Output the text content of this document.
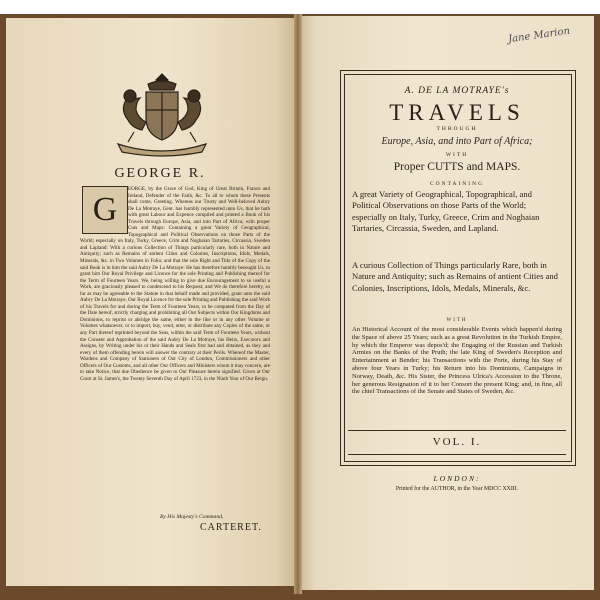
GEORGE R.

G

EORGE, by the Grace of God, King of Great Britain, France and Ireland, Defender of the Faith, &c. To all to whom these Presents shall come, Greeting. Whereas our Trusty and Well-beloved Aubry De La Motraye, Gent. has humbly represented unto Us, that he hath with great Labour and Expence compiled and printed a Book of his Travels through Europe, Asia, and into Part of Africa; with proper Cuts and Maps: Containing a great Variety of Geographical, Topographical and Political Observations on those Parts of the World; especially on Italy, Turky, Greece, Crim and Noghaian Tartaries, Circassia, Sweden and Lapland: With a curious Collection of Things particularly rare, both in Nature and Antiquity; such as Remains of antient Cities and Colonies, Inscriptions, Idols, Medals, Minerals, &c. in Two Volumes in Folio; and that the sole Right and Title of the Copy of the said Book is in him the said Aubry De La Motraye: He has therefore humbly besought Us, to grant him Our Royal Privilege and Licence for the sole Printing and Publishing thereof for the Term of Fourteen Years. We, being willing to give due Encouragement to so useful a Work, are graciously pleased to condescend to his Request; and We do therefore hereby, so far as may be agreeable to the Statute in that behalf made and provided, grant unto the said Aubry De La Motraye, Our Royal Licence for the sole Printing and Publishing the said Work of his Travels for and during the Term of Fourteen Years, to be computed from the Day of the Date hereof, strictly charging and prohibiting all Our Subjects within Our Kingdoms and Dominions, to reprint or abridge the same, either in the like or in any other Volume or Volumes whatsoever, or to import, buy, vend, utter, or distribute any Copies of the same, or any Part thereof reprinted beyond the Seas, within the said Term of Fourteen Years, without the Consent and Approbation of the said Aubry De La Motraye, his Heirs, Executors and Assigns, by Writing under his or their Hands and Seals first had and obtained, as they and every of them offending herein will answer the contrary at their Perils. Whereof the Master, Wardens and Company of Stationers of Our City of London, Commissioners and other Officers of Our Customs, and all other Our Officers and Ministers whom it may concern, are to take Notice, that due Obedience be given to Our Pleasure herein signified. Given at Our Court at St. James's, the Twenty Seventh Day of April 1723, in the Ninth Year of Our Reign.

By His Majesty's Command,

CARTERET.

Jane Marion

A. DE LA MOTRAYE's

TRAVELS

THROUGH

Europe, Asia, and into Part of Africa;

WITH

Proper CUTTS and MAPS.

CONTAINING

A great Variety of Geographical, Topographical, and Political Observations on those Parts of the World; especially on Italy, Turky, Greece, Crim and Noghaian Tartaries, Circassia, Sweden, and Lapland.

A curious Collection of Things particularly Rare, both in Nature and Antiquity; such as Remains of antient Cities and Colonies, Inscriptions, Idols, Medals, Minerals, &c.

WITH

An Historical Account of the most considerable Events which happen'd during the Space of above 25 Years; such as a great Revolution in the Turkish Empire, by which the Emperor was depos'd; the Engaging of the Russian and Turkish Armies on the Banks of the Pruth; the late King of Sweden's Reception and Entertainment at Bender; his Transactions with the Porte, during his Stay of above four Years in Turky; his Return into his Dominions, Campaigns in Norway, Death, &c. His Sister, the Princess Ulrica's Accession to the Throne, her generous Resignation of it to her Consort the present King; and, in fine, all the chief Transactions of the Senate and States of Sweden, &c.

VOL. I.

LONDON:

Printed for the AUTHOR, in the Year MDCC XXIII.
